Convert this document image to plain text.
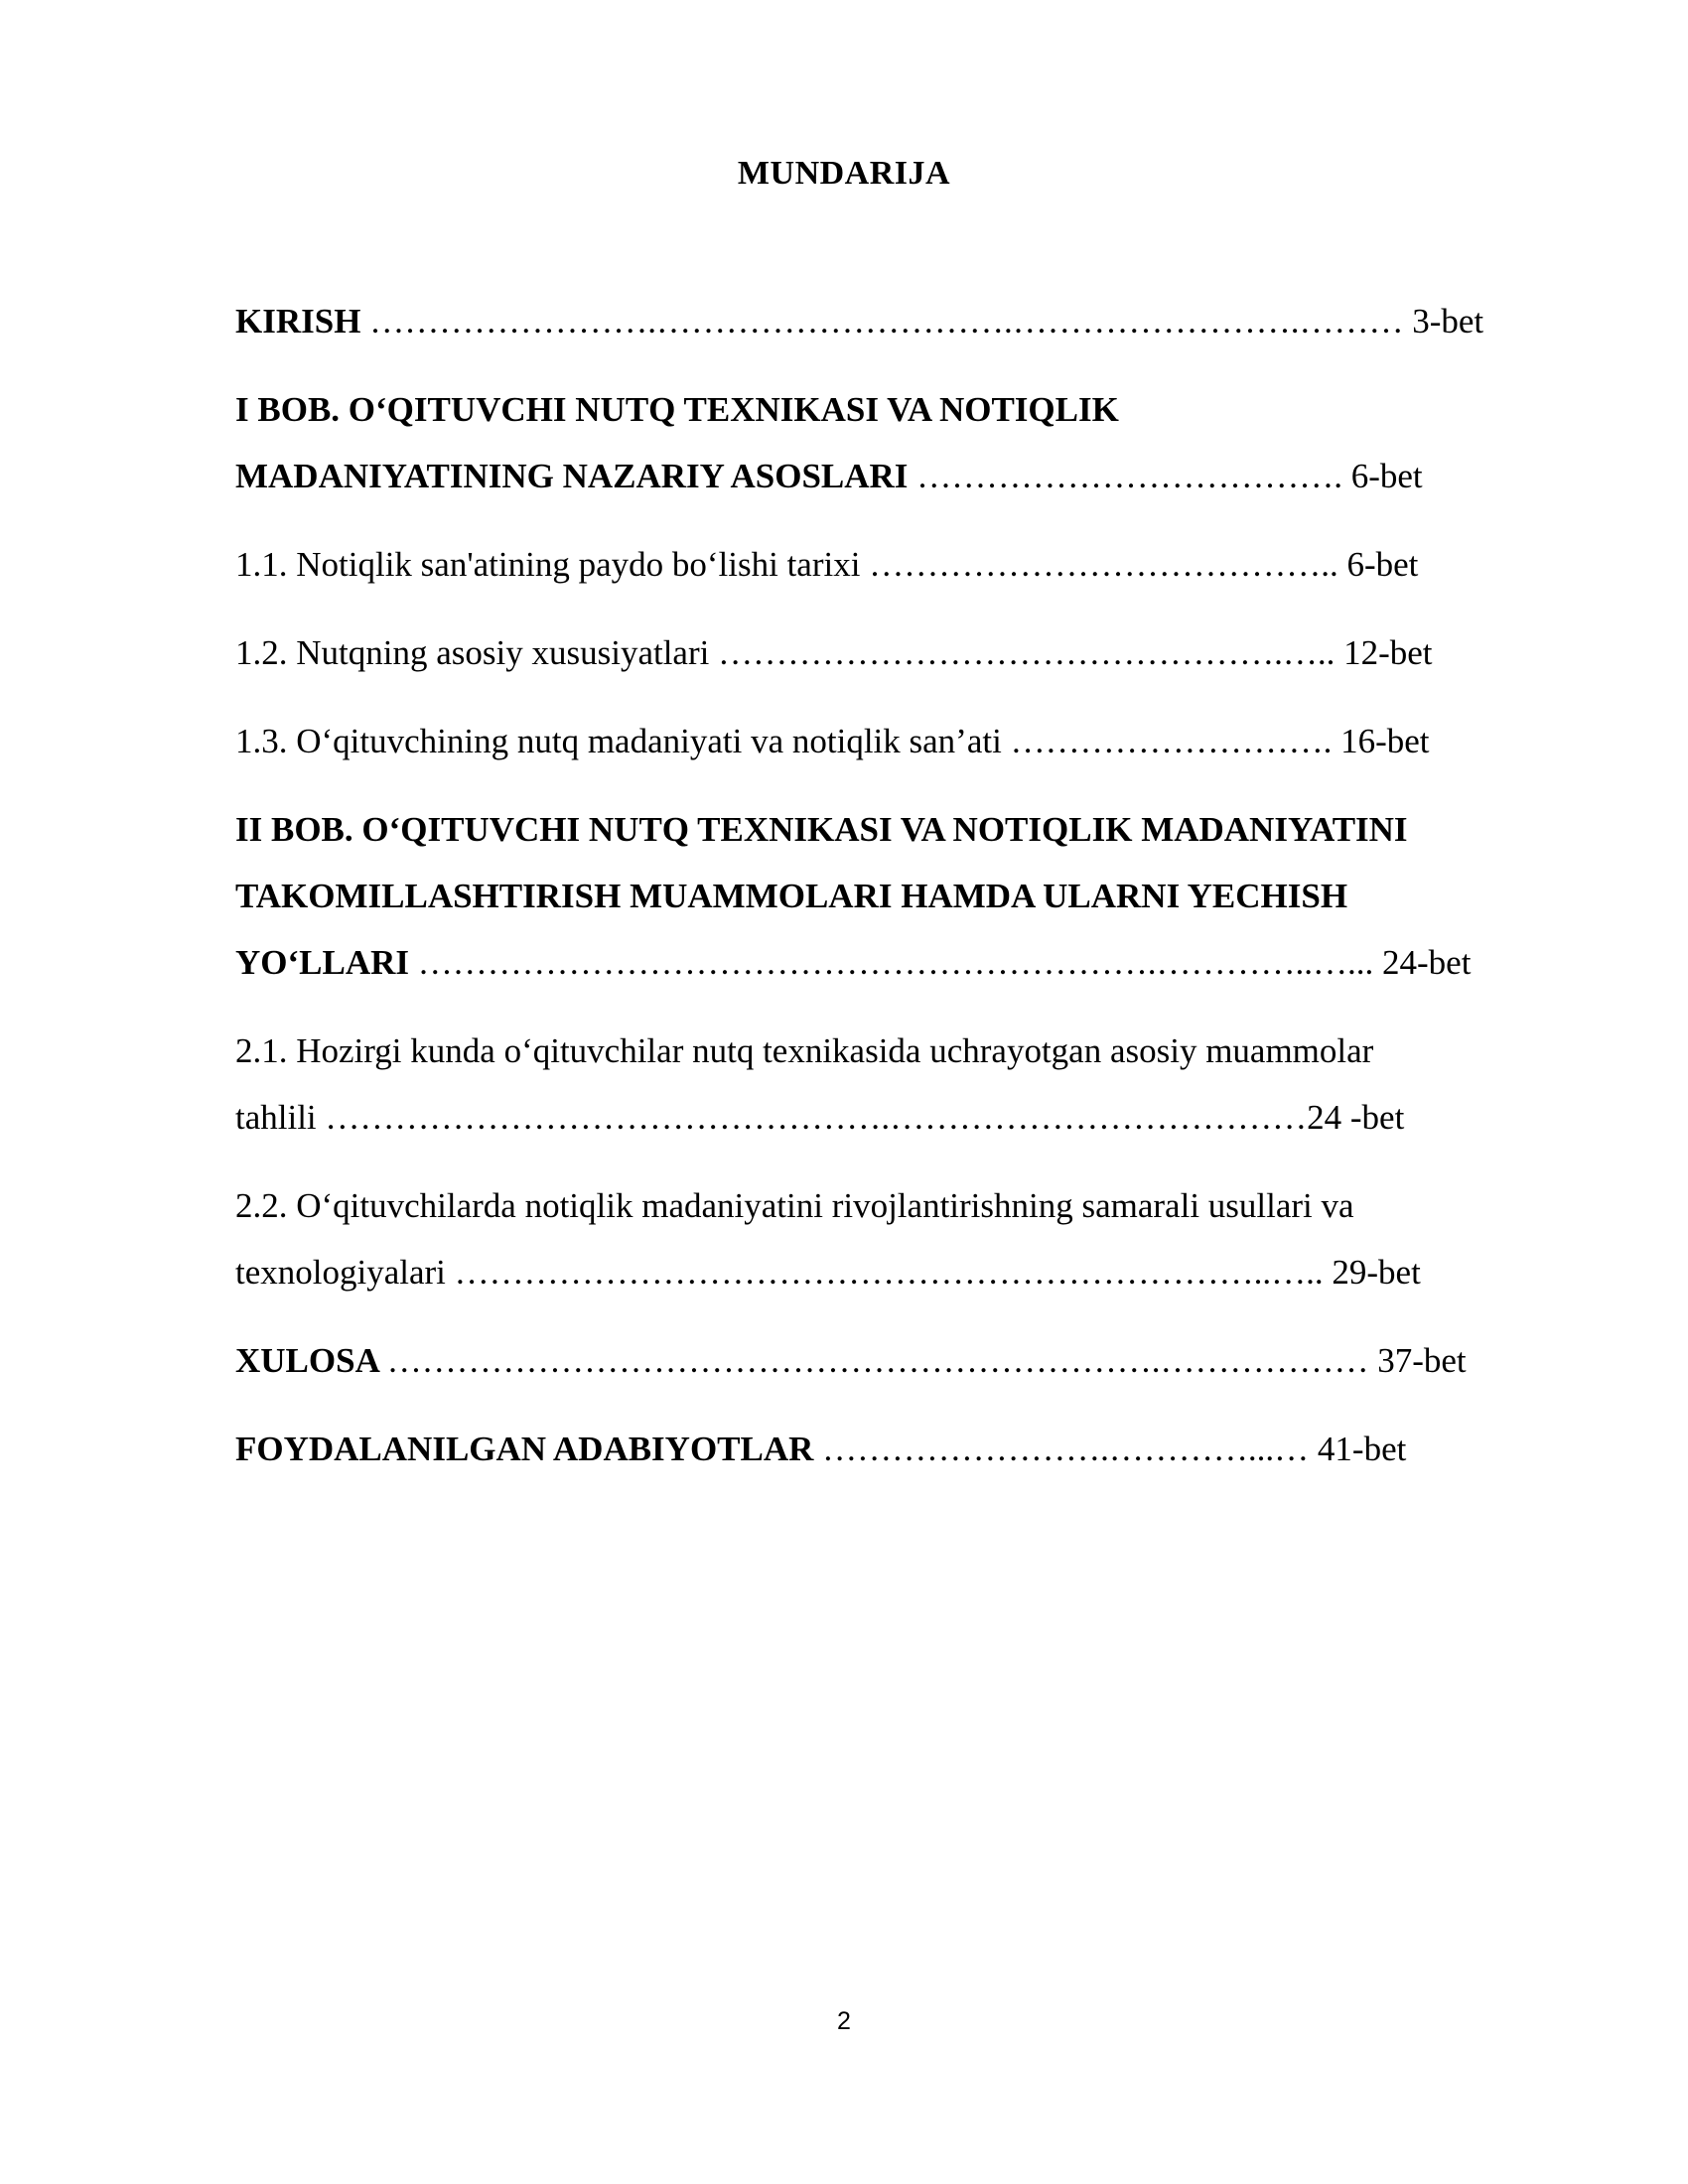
MUNDARIJA
KIRISH …………………….………………………….…………………….……… 3-bet
I BOB. O‘QITUVCHI NUTQ TEXNIKASI VA NOTIQLIK
MADANIYATINING NAZARIY ASOSLARI ………………………………. 6-bet
1.1. Notiqlik san'atining paydo bo‘lishi tarixi ………………………………….. 6-bet
1.2. Nutqning asosiy xususiyatlari ………………………………………….….. 12-bet
1.3. O‘qituvchining nutq madaniyati va notiqlik san’ati ………………………. 16-bet
II BOB. O‘QITUVCHI NUTQ TEXNIKASI VA NOTIQLIK MADANIYATINI
TAKOMILLASHTIRISH MUAMMOLARI HAMDA ULARNI YECHISH
YO‘LLARI ……………………………………………………….…………..…... 24-bet
2.1. Hozirgi kunda o‘qituvchilar nutq texnikasida uchrayotgan asosiy muammolar
tahlili ………………………………………….………………………………24 -bet
2.2. O‘qituvchilarda notiqlik madaniyatini rivojlantirishning samarali usullari va
texnologiyalari ……………………………………………………………..….. 29-bet
XULOSA ………………………………………………………….……………… 37-bet
FOYDALANILGAN ADABIYOTLAR …………………….…………...… 41-bet
2
